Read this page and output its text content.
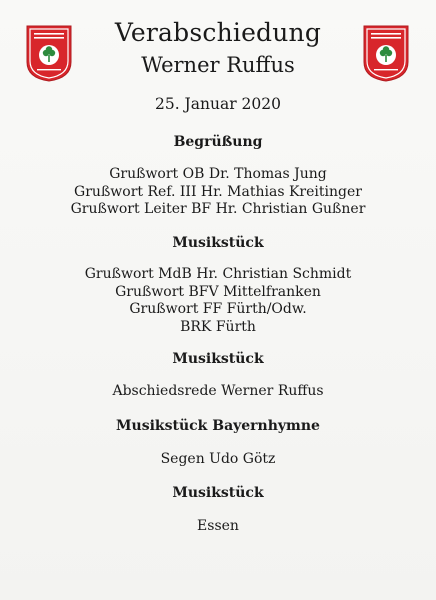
Verabschiedung
Werner Ruffus
25. Januar 2020
Begrüßung
Grußwort OB Dr. Thomas Jung
Grußwort Ref. III Hr. Mathias Kreitinger
Grußwort Leiter BF Hr. Christian Gußner
Musikstück
Grußwort MdB Hr. Christian Schmidt
Grußwort BFV Mittelfranken
Grußwort FF Fürth/Odw.
BRK Fürth
Musikstück
Abschiedsrede Werner Ruffus
Musikstück Bayernhymne
Segen Udo Götz
Musikstück
Essen
